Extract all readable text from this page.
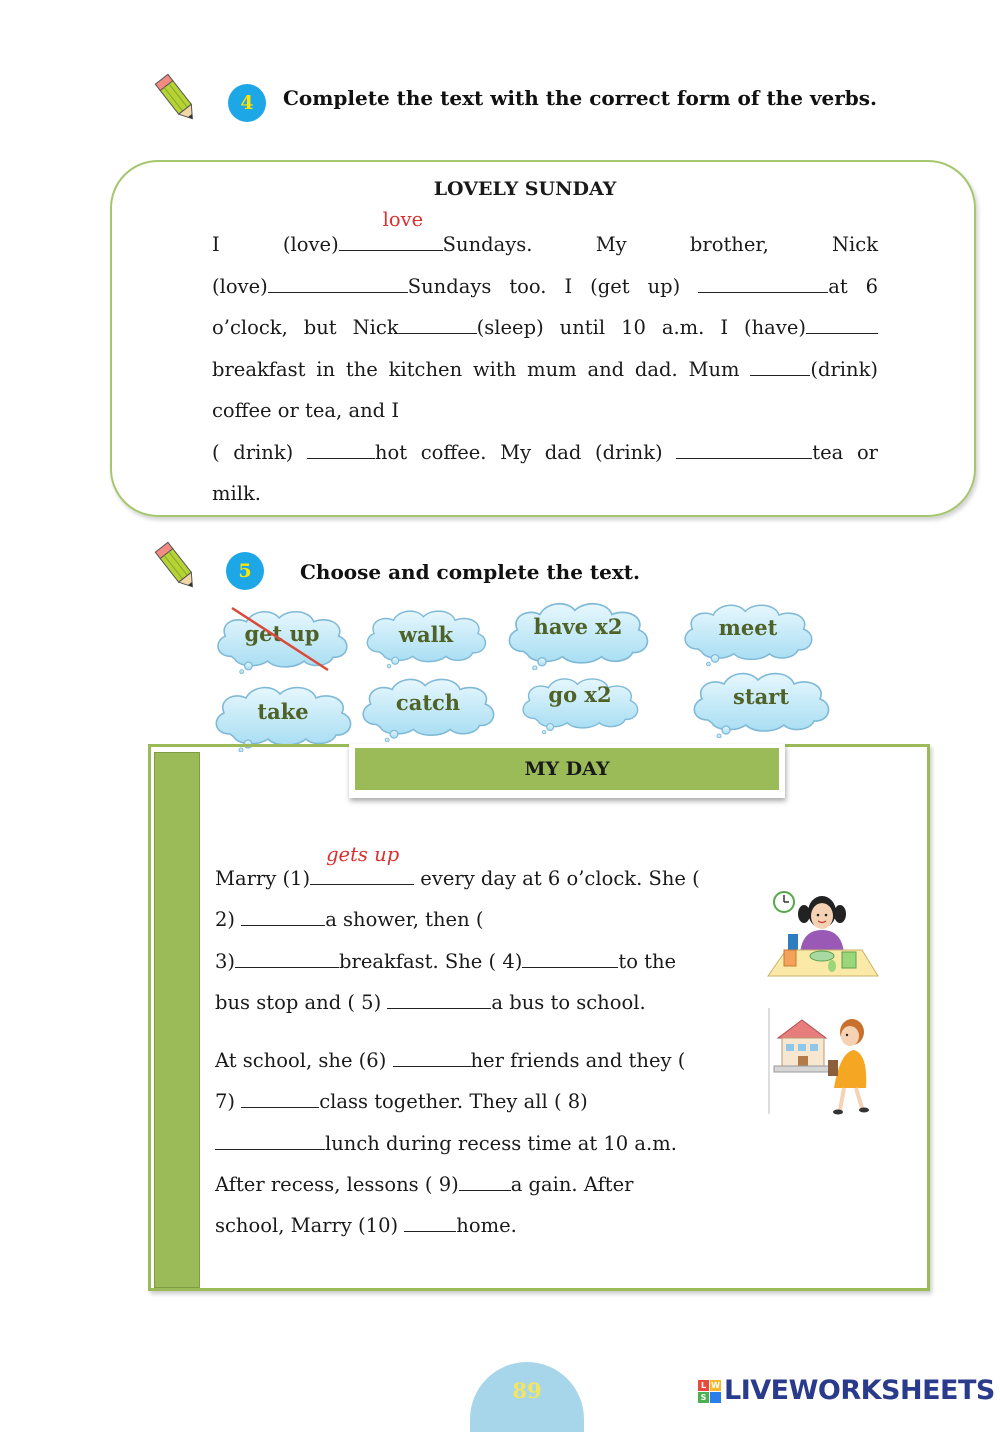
4 Complete the text with the correct form of the verbs.
LOVELY SUNDAY
I	(love)
love
Sundays.	My	brother,	Nick
(love)	Sundays too. I (get up)	at 6
o’clock, but Nick	(sleep) until 10 a.m. I (have)
breakfast in the kitchen with mum and dad. Mum	(drink)
coffee or tea, and I
( drink)	hot coffee. My dad (drink)	tea or
milk.
5 Choose and complete the text.
get up	walk	have x2	meet
take	catch	go x2	start
MY DAY
Marry (1)
gets up
every day at 6 o’clock. She (
2)	a shower, then (
3)	breakfast. She ( 4)	to the
bus stop and ( 5)	a bus to school.
At school, she (6)	her friends and they (
7)	class together. They all ( 8)
lunch during recess time at 10 a.m.
After recess, lessons ( 9)	a gain. After
school, Marry (10)	home.
89	L W
S LIVEWORKSHEETS
